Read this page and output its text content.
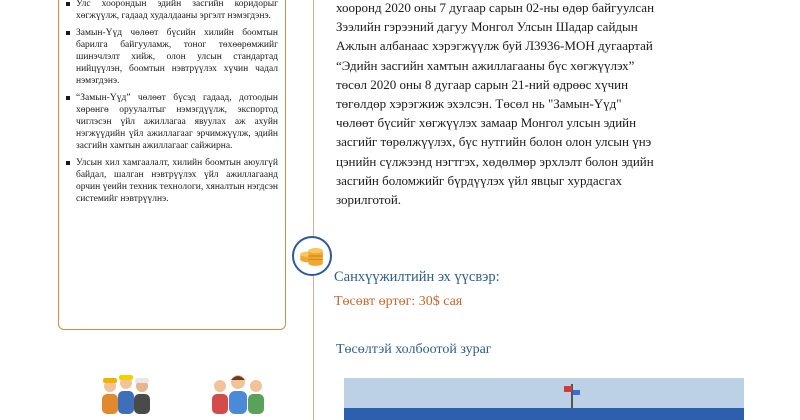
Улс хоорондын эдийн засгийн коридорыг хөгжүүлж, гадаад худалдааны эргэлт нэмэгдэнэ.
Замын-Үүд чөлөөт бүсийн хилийн боомтын барилга байгууламж, тоног төхөөрөмжийг шинэчлэлт хийж, олон улсын стандартад нийцүүлэн, боомтын нэвтрүүлэх хүчин чадал нэмэгдэнэ.
“Замын-Үүд” чөлөөт бүсэд гадаад, дотоодын хөрөнгө оруулалтыг нэмэгдүүлж, экспортод чиглэсэн үйл ажиллагаа явуулах аж ахуйн нэгжүүдийн үйл ажиллагааг эрчимжүүлж, эдийн засгийн хамтын ажиллагааг сайжирна.
Улсын хил хамгаалалт, хилийн боомтын аюулгүй байдал, шалган нэвтрүүлэх үйл ажиллагаанд орчин үеийн техник технологи, хяналтын нэгдсэн системийг нэвтрүүлнэ.

хооронд 2020 оны 7 дугаар сарын 02-ны өдөр байгуулсан
Зээлийн гэрээний дагуу Монгол Улсын Шадар сайдын
Ажлын албанаас хэрэгжүүлж буй Л3936-МОН дугаартай
“Эдийн засгийн хамтын ажиллагааны бүс хөгжүүлэх”
төсөл 2020 оны 8 дугаар сарын 21-ний өдрөөс хүчин
төгөлдөр хэрэгжиж эхэлсэн. Төсөл нь "Замын-Үүд"
чөлөөт бүсийг хөгжүүлэх замаар Монгол улсын эдийн
засгийг төрөлжүүлэх, бүс нутгийн болон олон улсын үнэ
цэнийн сүлжээнд нэгтгэх, хөдөлмөр эрхлэлт болон эдийн
засгийн боломжийг бүрдүүлэх үйл явцыг хурдасгах
зорилготой.

Санхүүжилтийн эх үүсвэр:
Төсөвт өртөг: 30$ сая
Төсөлтэй холбоотой зураг
